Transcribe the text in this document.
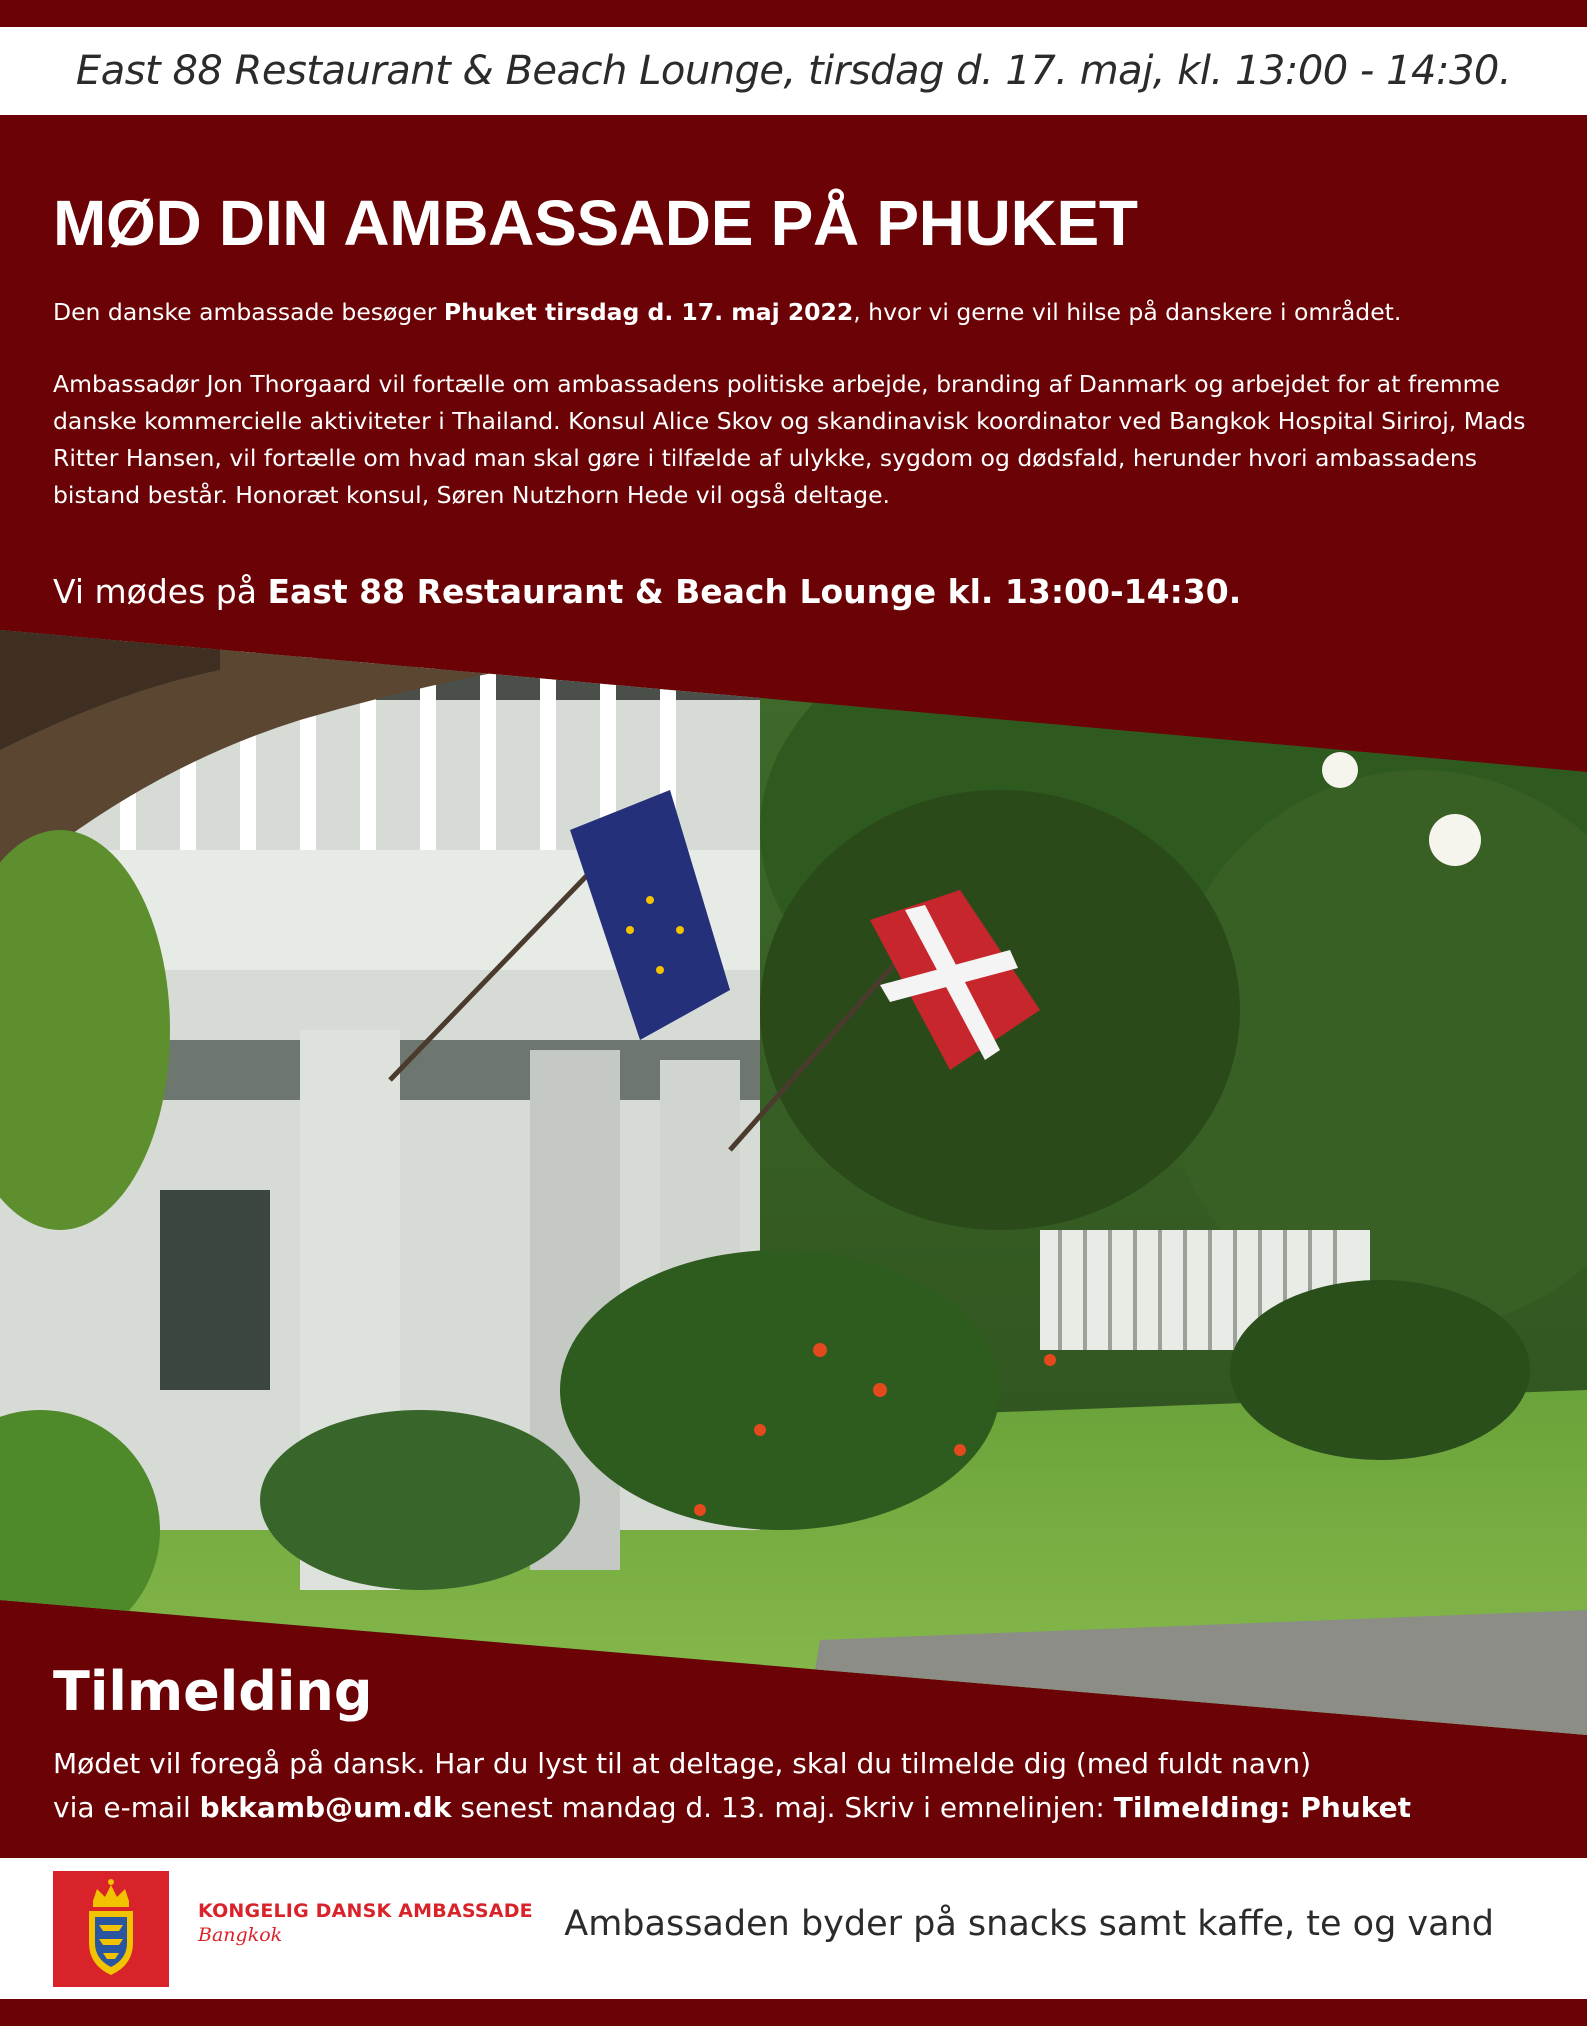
East 88 Restaurant & Beach Lounge, tirsdag d. 17. maj, kl. 13:00 - 14:30.
MØD DIN AMBASSADE PÅ PHUKET

Den danske ambassade besøger Phuket tirsdag d. 17. maj 2022, hvor vi gerne vil hilse på danskere i området.

Ambassadør Jon Thorgaard vil fortælle om ambassadens politiske arbejde, branding af Danmark og arbejdet for at fremme danske kommercielle aktiviteter i Thailand. Konsul Alice Skov og skandinavisk koordinator ved Bangkok Hospital Siriroj, Mads Ritter Hansen, vil fortælle om hvad man skal gøre i tilfælde af ulykke, sygdom og dødsfald, herunder hvori ambassadens bistand består. Honoræt konsul, Søren Nutzhorn Hede vil også deltage.

Vi mødes på East 88 Restaurant & Beach Lounge kl. 13:00-14:30.

Tilmelding

Mødet vil foregå på dansk. Har du lyst til at deltage, skal du tilmelde dig (med fuldt navn)
via e-mail bkkamb@um.dk senest mandag d. 13. maj. Skriv i emnelinjen: Tilmelding: Phuket

KONGELIG DANSK AMBASSADE
Bangkok	Ambassaden byder på snacks samt kaffe, te og vand
